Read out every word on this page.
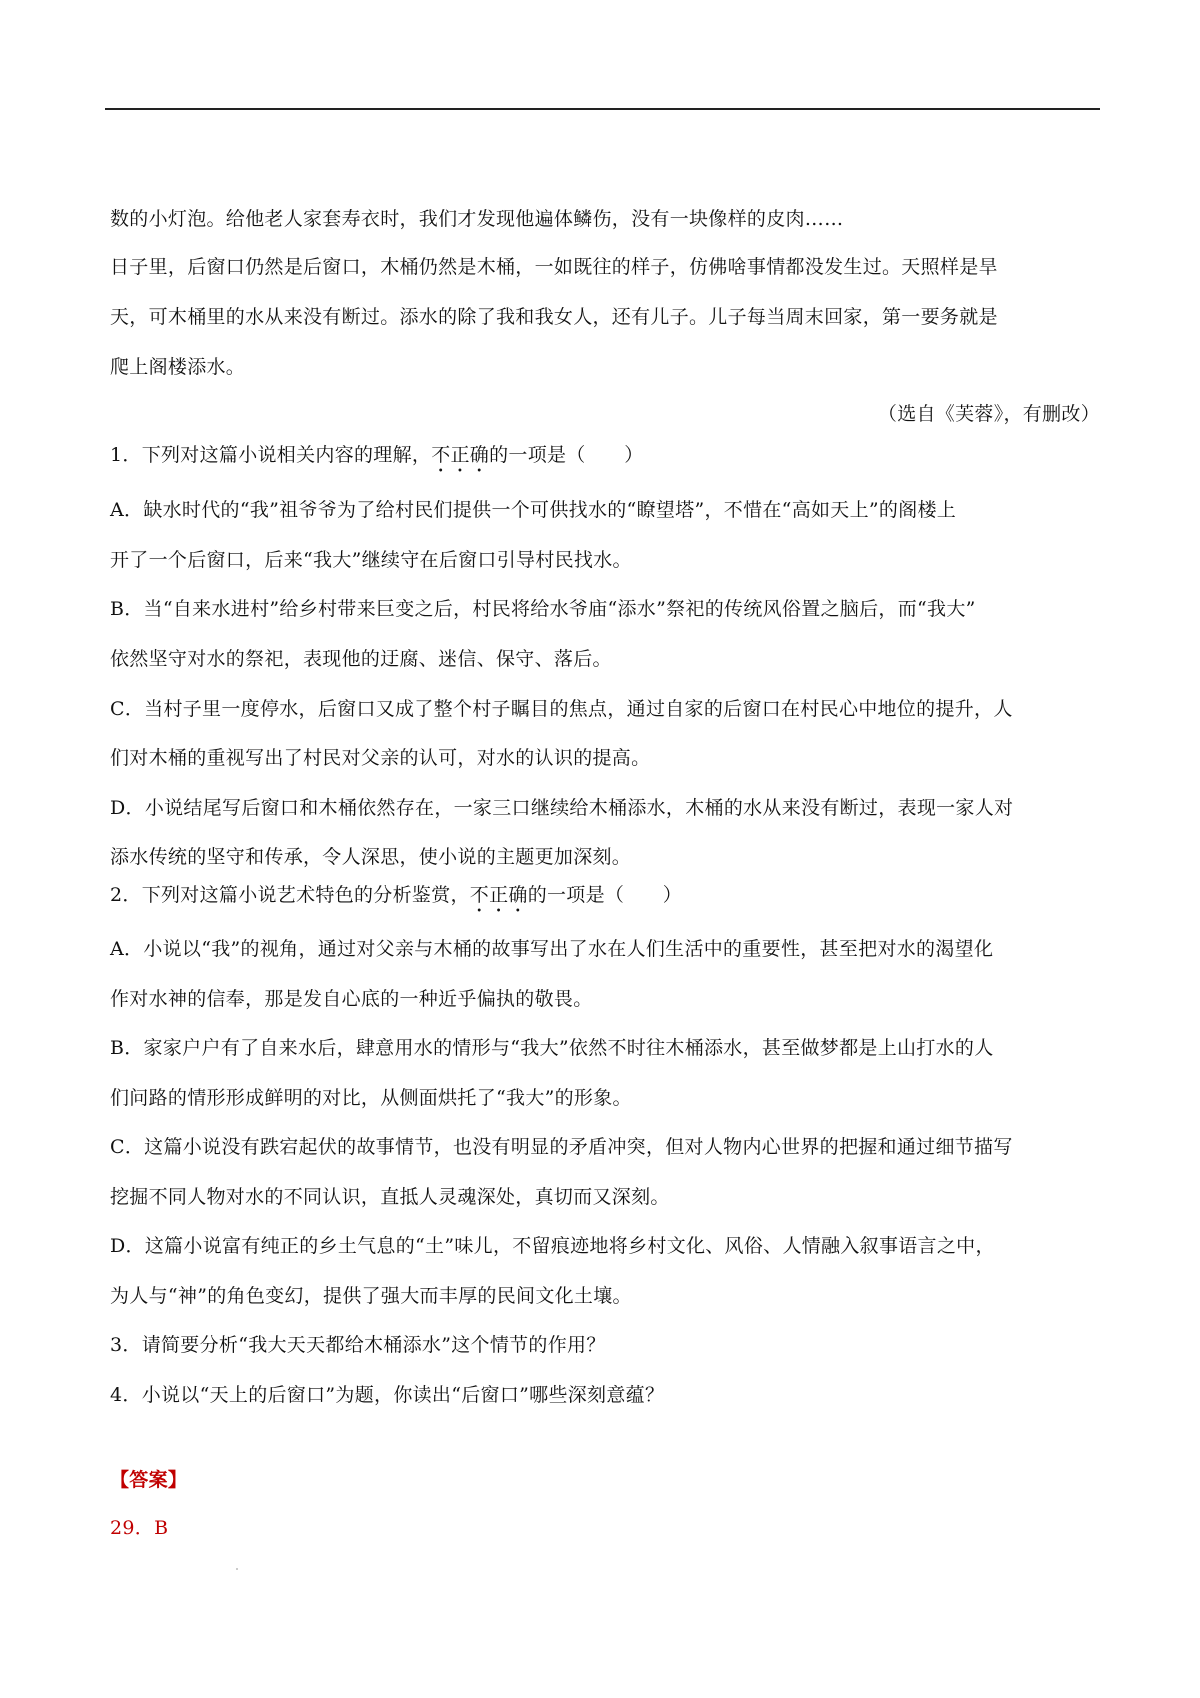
数的小灯泡。给他老人家套寿衣时，我们才发现他遍体鳞伤，没有一块像样的皮肉……
日子里，后窗口仍然是后窗口，木桶仍然是木桶，一如既往的样子，仿佛啥事情都没发生过。天照样是旱
天，可木桶里的水从来没有断过。添水的除了我和我女人，还有儿子。儿子每当周末回家，第一要务就是
爬上阁楼添水。
（选自《芙蓉》，有删改）
1．下列对这篇小说相关内容的理解，不正确的一项是（　　）
A．缺水时代的“我”祖爷爷为了给村民们提供一个可供找水的“瞭望塔”，不惜在“高如天上”的阁楼上
开了一个后窗口，后来“我大”继续守在后窗口引导村民找水。
B．当“自来水进村”给乡村带来巨变之后，村民将给水爷庙“添水”祭祀的传统风俗置之脑后，而“我大”
依然坚守对水的祭祀，表现他的迂腐、迷信、保守、落后。
C．当村子里一度停水，后窗口又成了整个村子瞩目的焦点，通过自家的后窗口在村民心中地位的提升，人
们对木桶的重视写出了村民对父亲的认可，对水的认识的提高。
D．小说结尾写后窗口和木桶依然存在，一家三口继续给木桶添水，木桶的水从来没有断过，表现一家人对
添水传统的坚守和传承，令人深思，使小说的主题更加深刻。
2．下列对这篇小说艺术特色的分析鉴赏，不正确的一项是（　　）
A．小说以“我”的视角，通过对父亲与木桶的故事写出了水在人们生活中的重要性，甚至把对水的渴望化
作对水神的信奉，那是发自心底的一种近乎偏执的敬畏。
B．家家户户有了自来水后，肆意用水的情形与“我大”依然不时往木桶添水，甚至做梦都是上山打水的人
们问路的情形形成鲜明的对比，从侧面烘托了“我大”的形象。
C．这篇小说没有跌宕起伏的故事情节，也没有明显的矛盾冲突，但对人物内心世界的把握和通过细节描写
挖掘不同人物对水的不同认识，直抵人灵魂深处，真切而又深刻。
D．这篇小说富有纯正的乡土气息的“土”味儿，不留痕迹地将乡村文化、风俗、人情融入叙事语言之中，
为人与“神”的角色变幻，提供了强大而丰厚的民间文化土壤。
3．请简要分析“我大天天都给木桶添水”这个情节的作用？
4．小说以“天上的后窗口”为题，你读出“后窗口”哪些深刻意蕴？
【答案】
29．B
